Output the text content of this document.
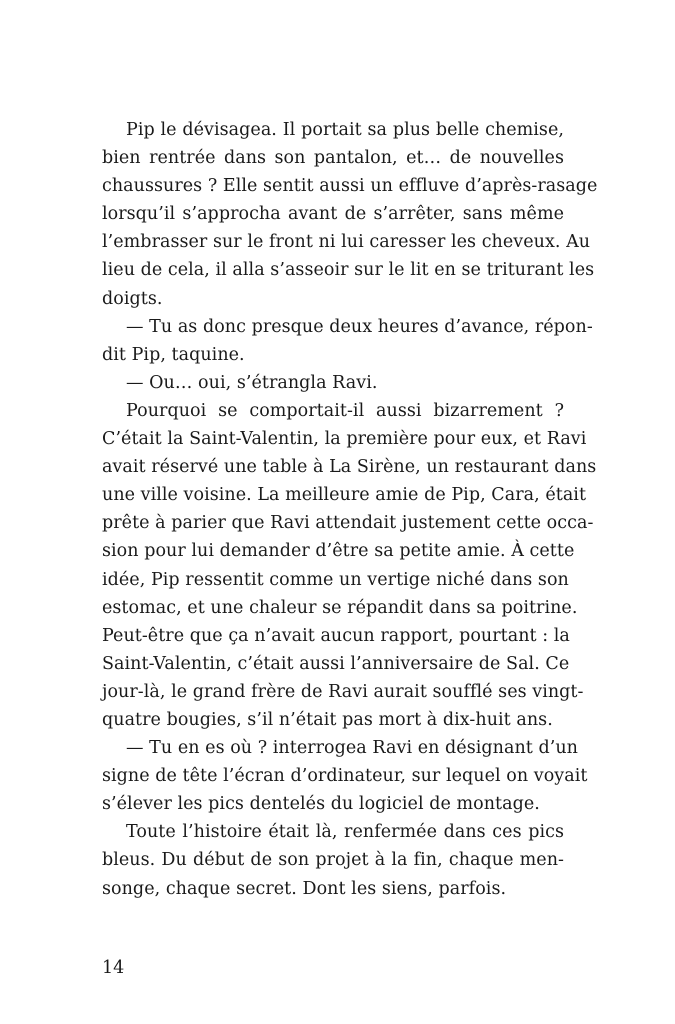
Pip le dévisagea. Il portait sa plus belle chemise,
bien rentrée dans son pantalon, et… de nouvelles
chaussures ? Elle sentit aussi un effluve d’après-rasage
lorsqu’il s’approcha avant de s’arrêter, sans même
l’embrasser sur le front ni lui caresser les cheveux. Au
lieu de cela, il alla s’asseoir sur le lit en se triturant les
doigts.
— Tu as donc presque deux heures d’avance, répon-
dit Pip, taquine.
— Ou… oui, s’étrangla Ravi.
Pourquoi se comportait-il aussi bizarrement ?
C’était la Saint-Valentin, la première pour eux, et Ravi
avait réservé une table à La Sirène, un restaurant dans
une ville voisine. La meilleure amie de Pip, Cara, était
prête à parier que Ravi attendait justement cette occa-
sion pour lui demander d’être sa petite amie. À cette
idée, Pip ressentit comme un vertige niché dans son
estomac, et une chaleur se répandit dans sa poitrine.
Peut-être que ça n’avait aucun rapport, pourtant : la
Saint-Valentin, c’était aussi l’anniversaire de Sal. Ce
jour-là, le grand frère de Ravi aurait soufflé ses vingt-
quatre bougies, s’il n’était pas mort à dix-huit ans.
— Tu en es où ? interrogea Ravi en désignant d’un
signe de tête l’écran d’ordinateur, sur lequel on voyait
s’élever les pics dentelés du logiciel de montage.
Toute l’histoire était là, renfermée dans ces pics
bleus. Du début de son projet à la fin, chaque men-
songe, chaque secret. Dont les siens, parfois.
14
